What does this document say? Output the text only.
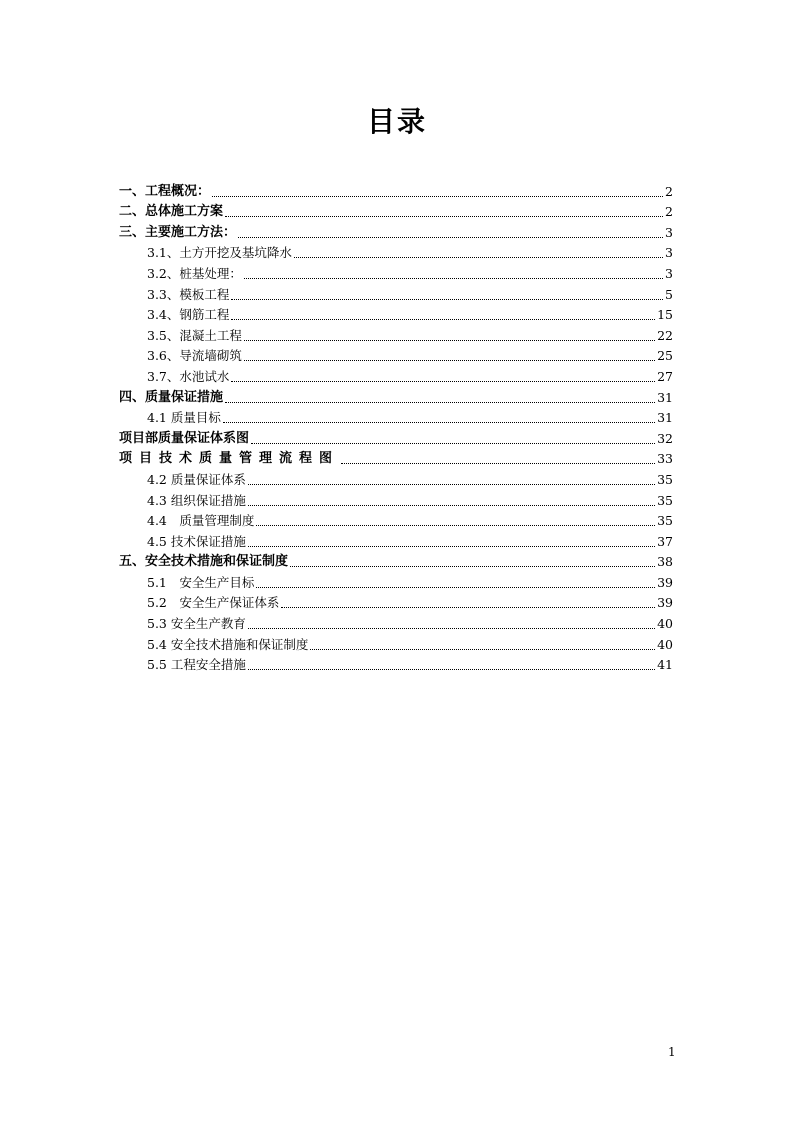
目录
一、工程概况：	2
二、总体施工方案	2
三、主要施工方法：	3
3.1、土方开挖及基坑降水	3
3.2、桩基处理：	3
3.3、模板工程	5
3.4、钢筋工程	15
3.5、混凝土工程	22
3.6、导流墙砌筑	25
3.7、水池试水	27
四、质量保证措施	31
4.1 质量目标	31
项目部质量保证体系图	32
项目技术质量管理流程图	33
4.2 质量保证体系	35
4.3 组织保证措施	35
4.4　质量管理制度	35
4.5 技术保证措施	37
五、安全技术措施和保证制度	38
5.1　安全生产目标	39
5.2　安全生产保证体系	39
5.3 安全生产教育	40
5.4 安全技术措施和保证制度	40
5.5 工程安全措施	41
1
